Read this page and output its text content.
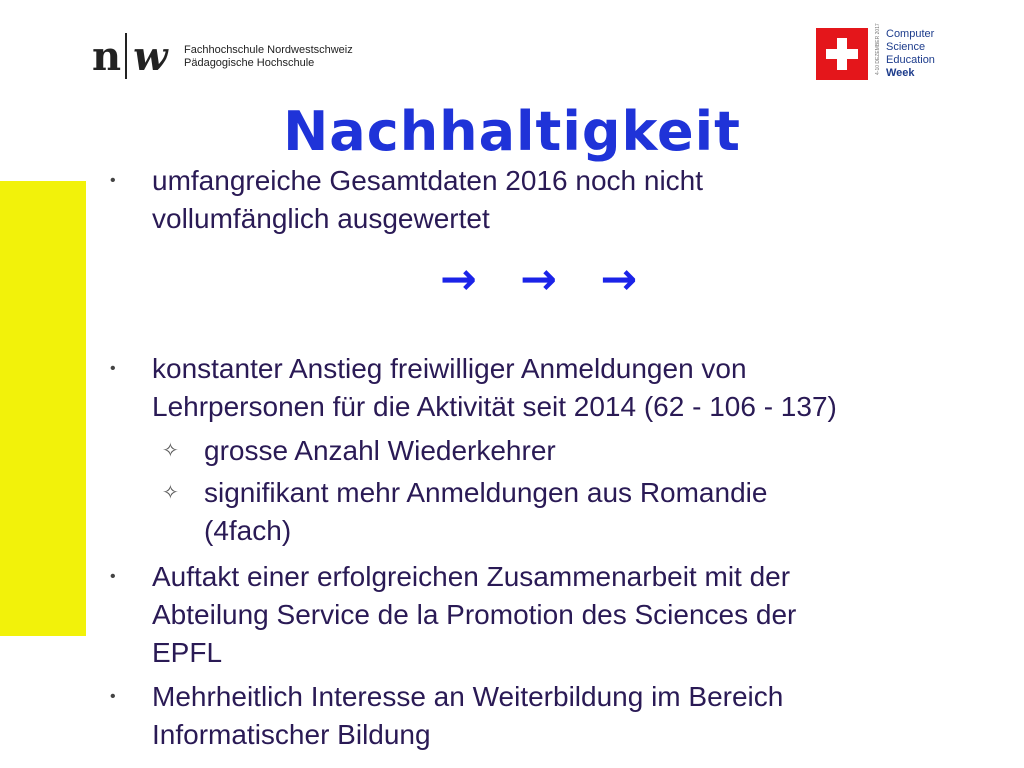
n w Fachhochschule Nordwestschweiz
Pädagogische Hochschule	4-10 DEZEMBER 2017 Computer
Science
Education
Week
Nachhaltigkeit
•	umfangreiche Gesamtdaten 2016 noch nicht
vollumfänglich ausgewertet
•	konstanter Anstieg freiwilliger Anmeldungen von
Lehrpersonen für die Aktivität seit 2014 (62 - 106 - 137)
✧ grosse Anzahl Wiederkehrer
✧ signifikant mehr Anmeldungen aus Romandie
(4fach)
•	Auftakt einer erfolgreichen Zusammenarbeit mit der
Abteilung Service de la Promotion des Sciences der
EPFL
•	Mehrheitlich Interesse an Weiterbildung im Bereich
Informatischer Bildung
→ → →
